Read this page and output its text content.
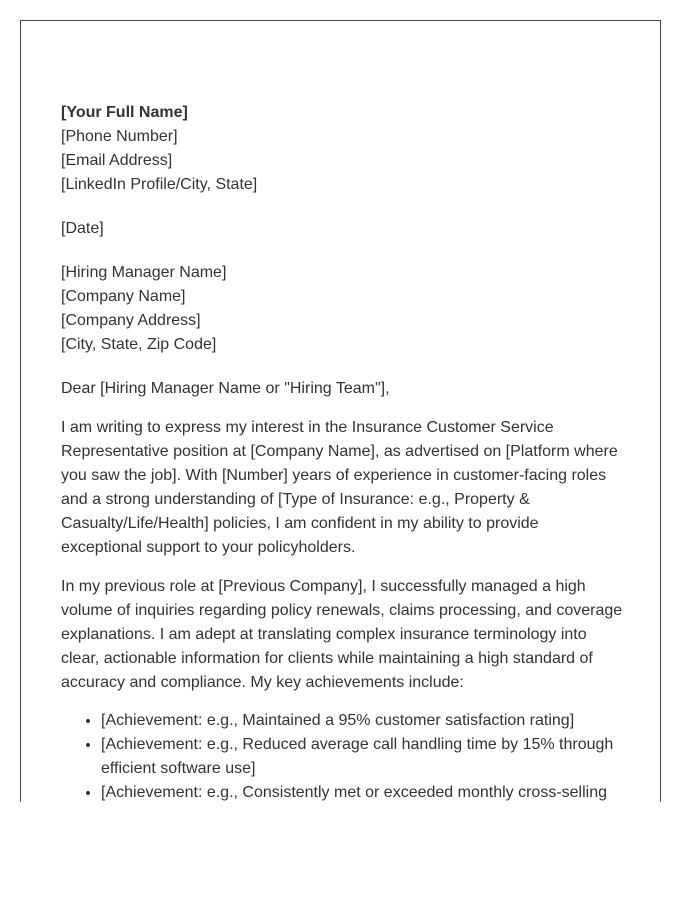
[Your Full Name]
[Phone Number]
[Email Address]
[LinkedIn Profile/City, State]
[Date]
[Hiring Manager Name]
[Company Name]
[Company Address]
[City, State, Zip Code]

Dear [Hiring Manager Name or "Hiring Team"],

I am writing to express my interest in the Insurance Customer Service Representative position at [Company Name], as advertised on [Platform where you saw the job]. With [Number] years of experience in customer-facing roles and a strong understanding of [Type of Insurance: e.g., Property & Casualty/Life/Health] policies, I am confident in my ability to provide exceptional support to your policyholders.

In my previous role at [Previous Company], I successfully managed a high volume of inquiries regarding policy renewals, claims processing, and coverage explanations. I am adept at translating complex insurance terminology into clear, actionable information for clients while maintaining a high standard of accuracy and compliance. My key achievements include:

• [Achievement: e.g., Maintained a 95% customer satisfaction rating]
• [Achievement: e.g., Reduced average call handling time by 15% through efficient software use]
• [Achievement: e.g., Consistently met or exceeded monthly cross-selling
